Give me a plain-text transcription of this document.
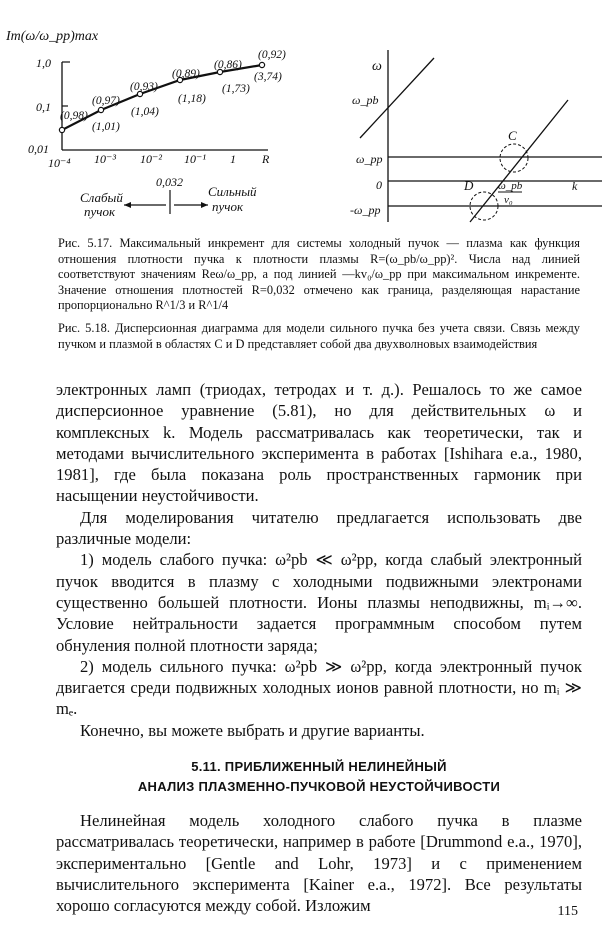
Im(ω/ω_pp)max
1,0
0,1
0,01
10⁻⁴ 10⁻³ 10⁻² 10⁻¹ 1 R
(0,98)
(0,97)
(0,93)
(0,89)
(0,86)
(0,92)
(1,01)
(1,04)
(1,18)
(1,73)
(3,74)
0,032
Слабый
пучок
Сильный
пучок
ω
ω_pb
ω_pp
0
-ω_pp
k
C
D ω_pb
v₀

Рис. 5.17. Максимальный инкремент для системы холодный пучок — плазма как функция отношения плотности пучка к плотности плазмы R=(ω_pb/ω_pp)². Числа над линией соответствуют значениям Reω/ω_pp, а под линией —kv₀/ω_pp при максимальном инкременте. Значение отношения плотностей R=0,032 отмечено как граница, разделяющая нарастание пропорционально R^1/3 и R^1/4

Рис. 5.18. Дисперсионная диаграмма для модели сильного пучка без учета связи. Связь между пучком и плазмой в областях C и D представляет собой два двухволновых взаимодействия

электронных ламп (триодах, тетродах и т. д.). Решалось то же самое дисперсионное уравнение (5.81), но для действительных ω и комплексных k. Модель рассматривалась как теоретически, так и методами вычислительного эксперимента в работах [Ishihara e.a., 1980, 1981], где была показана роль пространственных гармоник при насыщении неустойчивости.

Для моделирования читателю предлагается использовать две различные модели:

1) модель слабого пучка: ω²pb ≪ ω²pp, когда слабый электронный пучок вводится в плазму с холодными подвижными электронами существенно большей плотности. Ионы плазмы неподвижны, mᵢ→∞. Условие нейтральности задается программным способом путем обнуления полной плотности заряда;

2) модель сильного пучка: ω²pb ≫ ω²pp, когда электронный пучок двигается среди подвижных холодных ионов равной плотности, но mᵢ ≫ mₑ.

Конечно, вы можете выбрать и другие варианты.

5.11. ПРИБЛИЖЕННЫЙ НЕЛИНЕЙНЫЙ
АНАЛИЗ ПЛАЗМЕННО-ПУЧКОВОЙ НЕУСТОЙЧИВОСТИ

Нелинейная модель холодного слабого пучка в плазме рассматривалась теоретически, например в работе [Drummond e.a., 1970], экспериментально [Gentle and Lohr, 1973] и с применением вычислительного эксперимента [Kainer e.a., 1972]. Все результаты хорошо согласуются между собой. Изложим	115
